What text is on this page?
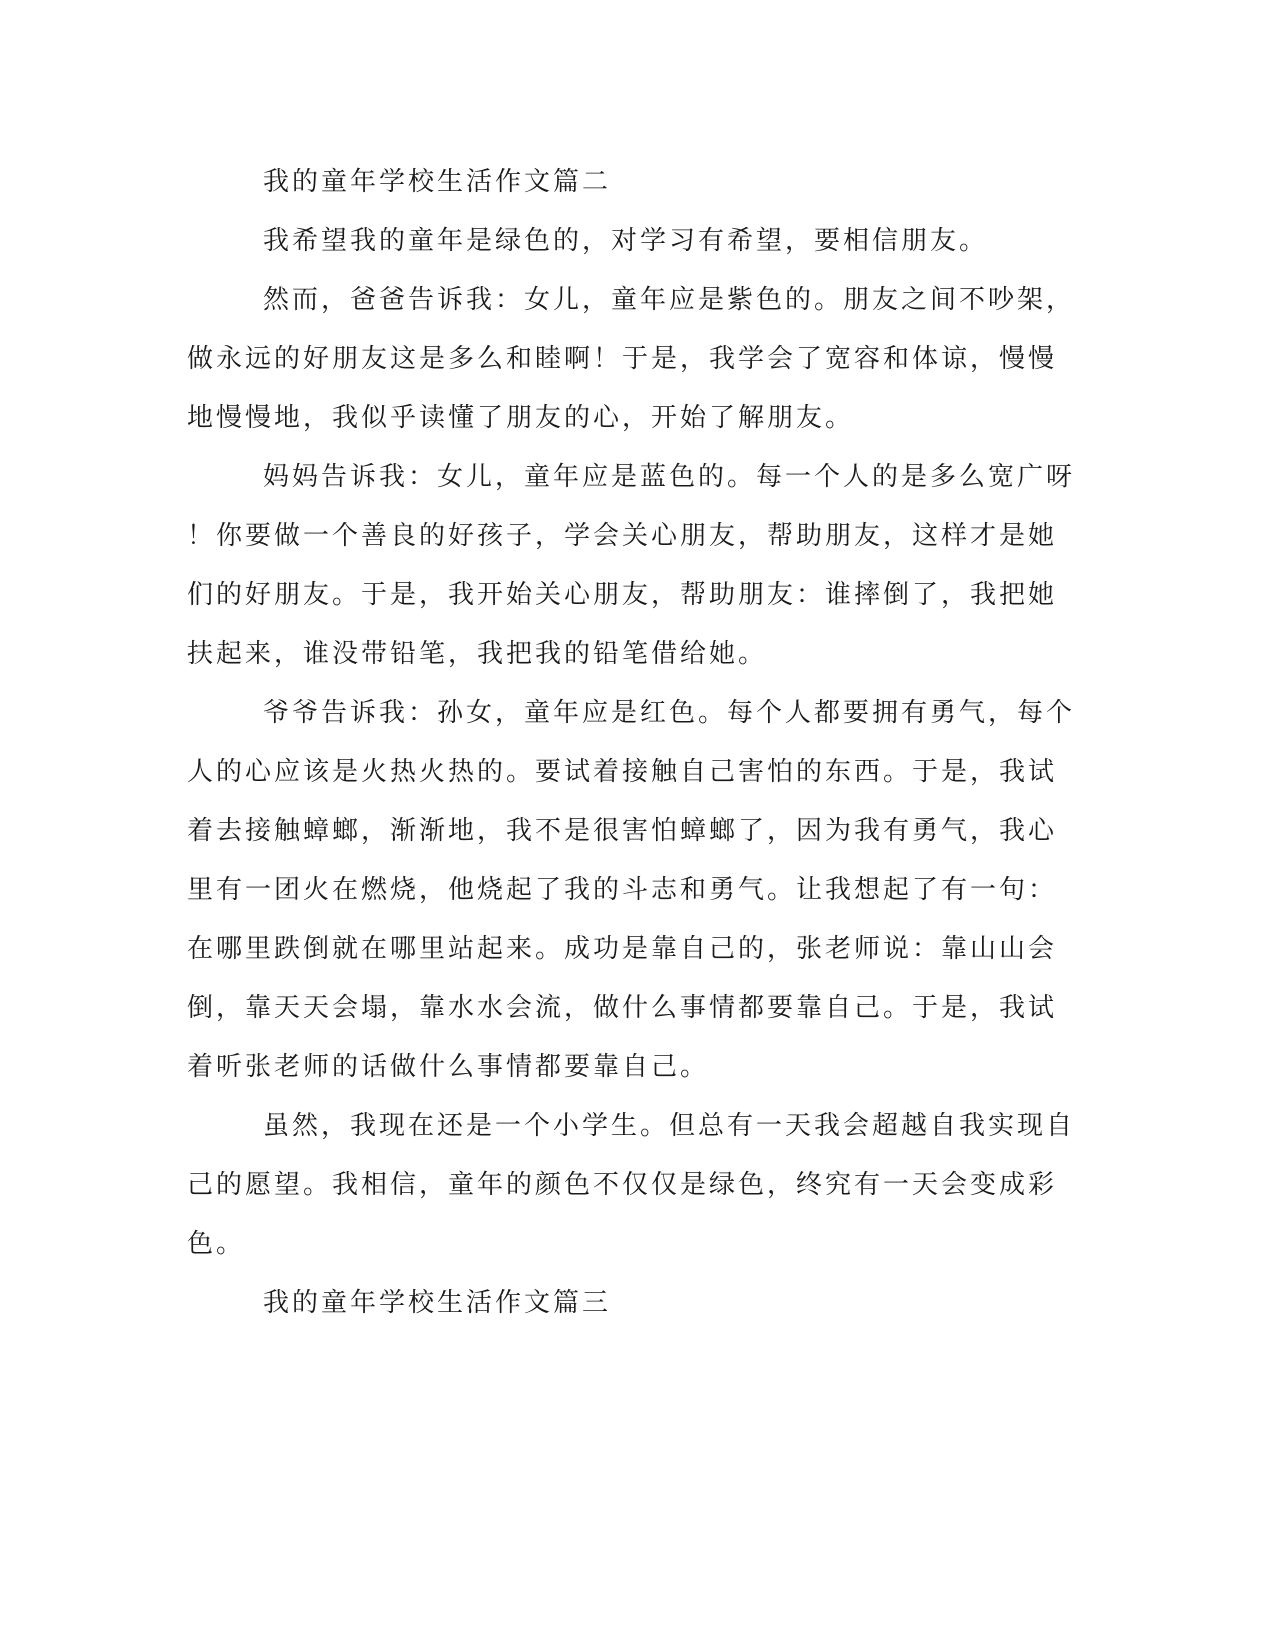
我的童年学校生活作文篇二
我希望我的童年是绿色的，对学习有希望，要相信朋友。
然而，爸爸告诉我：女儿，童年应是紫色的。朋友之间不吵架，
做永远的好朋友这是多么和睦啊！于是，我学会了宽容和体谅，慢慢
地慢慢地，我似乎读懂了朋友的心，开始了解朋友。
妈妈告诉我：女儿，童年应是蓝色的。每一个人的是多么宽广呀
！你要做一个善良的好孩子，学会关心朋友，帮助朋友，这样才是她
们的好朋友。于是，我开始关心朋友，帮助朋友：谁摔倒了，我把她
扶起来，谁没带铅笔，我把我的铅笔借给她。
爷爷告诉我：孙女，童年应是红色。每个人都要拥有勇气，每个
人的心应该是火热火热的。要试着接触自己害怕的东西。于是，我试
着去接触蟑螂，渐渐地，我不是很害怕蟑螂了，因为我有勇气，我心
里有一团火在燃烧，他烧起了我的斗志和勇气。让我想起了有一句：
在哪里跌倒就在哪里站起来。成功是靠自己的，张老师说：靠山山会
倒，靠天天会塌，靠水水会流，做什么事情都要靠自己。于是，我试
着听张老师的话做什么事情都要靠自己。
虽然，我现在还是一个小学生。但总有一天我会超越自我实现自
己的愿望。我相信，童年的颜色不仅仅是绿色，终究有一天会变成彩
色。
我的童年学校生活作文篇三
